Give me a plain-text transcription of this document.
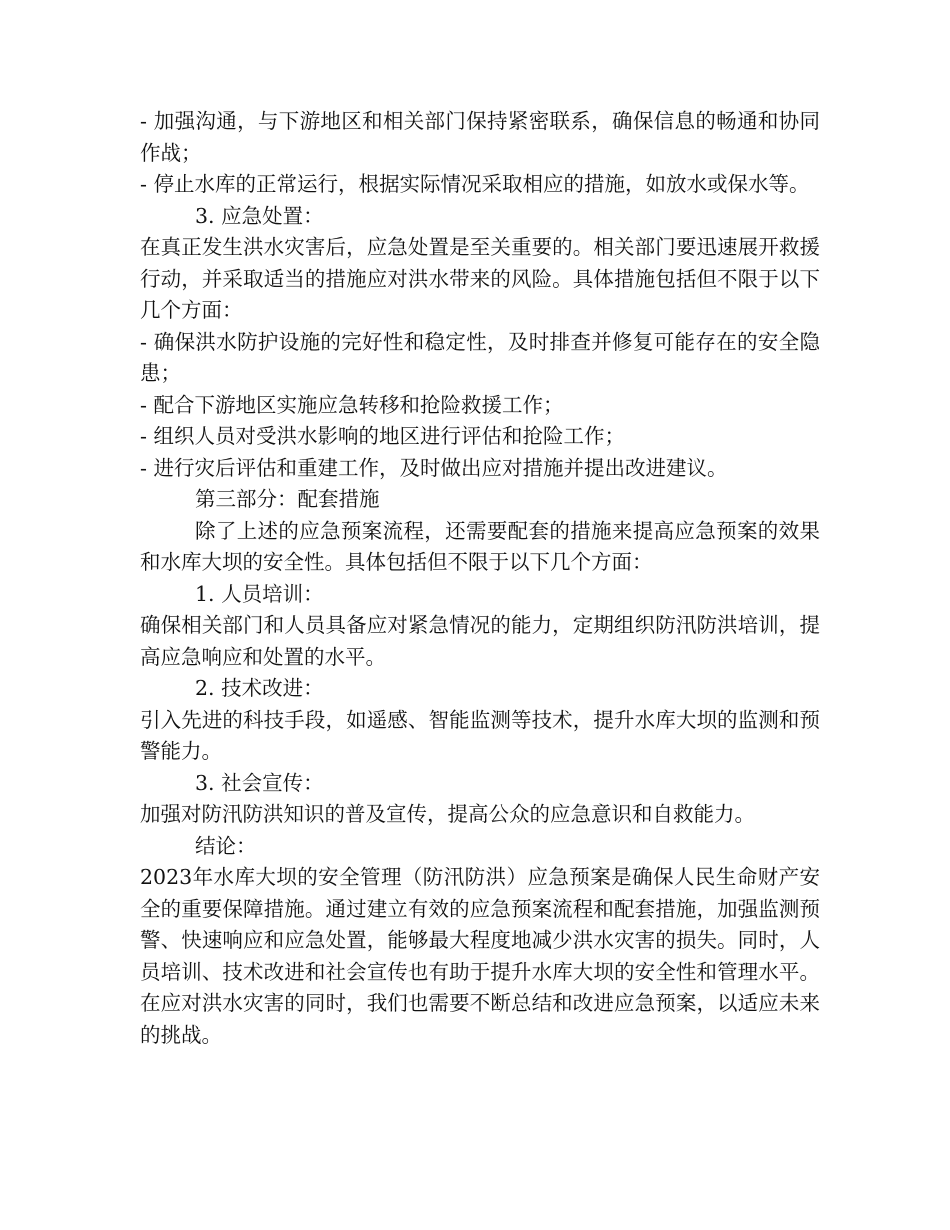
- 加强沟通，与下游地区和相关部门保持紧密联系，确保信息的畅通和协同作战；

- 停止水库的正常运行，根据实际情况采取相应的措施，如放水或保水等。

3. 应急处置：

在真正发生洪水灾害后，应急处置是至关重要的。相关部门要迅速展开救援行动，并采取适当的措施应对洪水带来的风险。具体措施包括但不限于以下几个方面：

- 确保洪水防护设施的完好性和稳定性，及时排查并修复可能存在的安全隐患；

- 配合下游地区实施应急转移和抢险救援工作；

- 组织人员对受洪水影响的地区进行评估和抢险工作；

- 进行灾后评估和重建工作，及时做出应对措施并提出改进建议。

第三部分：配套措施

除了上述的应急预案流程，还需要配套的措施来提高应急预案的效果和水库大坝的安全性。具体包括但不限于以下几个方面：

1. 人员培训：

确保相关部门和人员具备应对紧急情况的能力，定期组织防汛防洪培训，提高应急响应和处置的水平。

2. 技术改进：

引入先进的科技手段，如遥感、智能监测等技术，提升水库大坝的监测和预警能力。

3. 社会宣传：

加强对防汛防洪知识的普及宣传，提高公众的应急意识和自救能力。

结论：

2023年水库大坝的安全管理（防汛防洪）应急预案是确保人民生命财产安全的重要保障措施。通过建立有效的应急预案流程和配套措施，加强监测预警、快速响应和应急处置，能够最大程度地减少洪水灾害的损失。同时，人员培训、技术改进和社会宣传也有助于提升水库大坝的安全性和管理水平。在应对洪水灾害的同时，我们也需要不断总结和改进应急预案，以适应未来的挑战。
